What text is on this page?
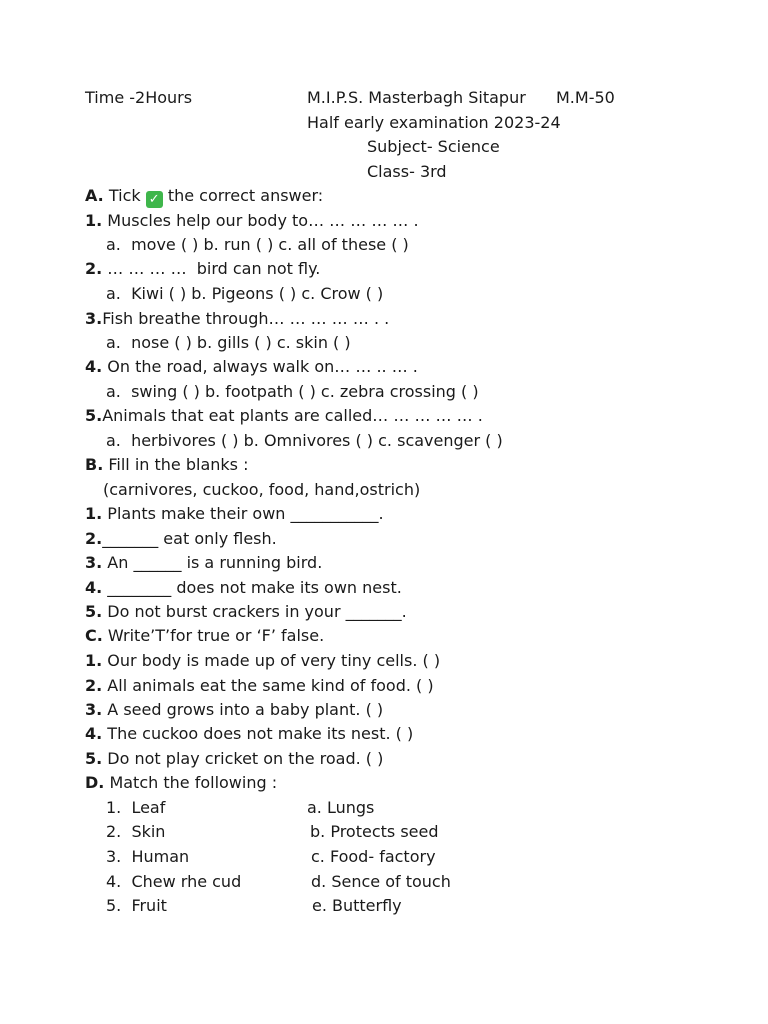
Time -2Hours	M.I.P.S. Masterbagh Sitapur M.M-50
Half early examination 2023-24
Subject- Science
Class- 3rd
A. Tick ✓ the correct answer:
1. Muscles help our body to… … … … … .
a.  move ( ) b. run ( ) c. all of these ( )
2. … … … …  bird can not fly.
a.  Kiwi ( ) b. Pigeons ( ) c. Crow ( )
3.Fish breathe through… … … … … . .
a.  nose ( ) b. gills ( ) c. skin ( )
4. On the road, always walk on… … .. … .
a.  swing ( ) b. footpath ( ) c. zebra crossing ( )
5.Animals that eat plants are called… … … … … .
a.  herbivores ( ) b. Omnivores ( ) c. scavenger ( )
B. Fill in the blanks :
(carnivores, cuckoo, food, hand,ostrich)
1. Plants make their own ___________.
2._______ eat only flesh.
3. An ______ is a running bird.
4. ________ does not make its own nest.
5. Do not burst crackers in your _______.
C. Write’T’for true or ‘F’ false.
1. Our body is made up of very tiny cells. ( )
2. All animals eat the same kind of food. ( )
3. A seed grows into a baby plant. ( )
4. The cuckoo does not make its nest. ( )
5. Do not play cricket on the road. ( )
D. Match the following :
1.  Leaf	a. Lungs
2.  Skin	b. Protects seed
3.  Human	c. Food- factory
4.  Chew rhe cud	d. Sence of touch
5.  Fruit	e. Butterfly
